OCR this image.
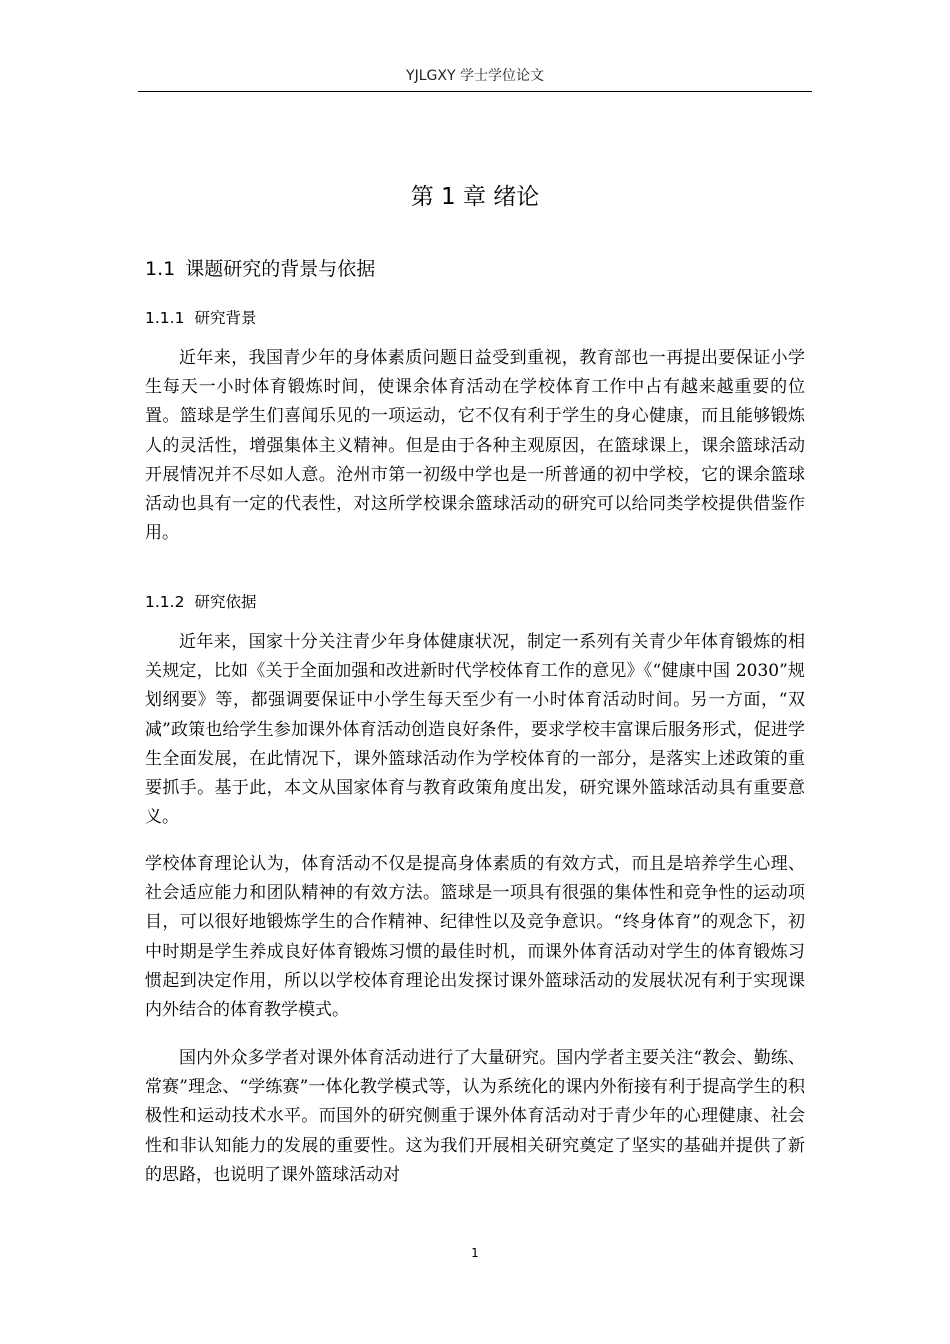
YJLGXY 学士学位论文
第 1 章 绪论
1.1 课题研究的背景与依据
1.1.1 研究背景

近年来，我国青少年的身体素质问题日益受到重视，教育部也一再提出要保证小学生每天一小时体育锻炼时间，使课余体育活动在学校体育工作中占有越来越重要的位置。篮球是学生们喜闻乐见的一项运动，它不仅有利于学生的身心健康，而且能够锻炼人的灵活性，增强集体主义精神。但是由于各种主观原因，在篮球课上，课余篮球活动开展情况并不尽如人意。沧州市第一初级中学也是一所普通的初中学校，它的课余篮球活动也具有一定的代表性，对这所学校课余篮球活动的研究可以给同类学校提供借鉴作用。

1.1.2 研究依据

近年来，国家十分关注青少年身体健康状况，制定一系列有关青少年体育锻炼的相关规定，比如《关于全面加强和改进新时代学校体育工作的意见》《“健康中国 2030”规划纲要》等，都强调要保证中小学生每天至少有一小时体育活动时间。另一方面，“双减”政策也给学生参加课外体育活动创造良好条件，要求学校丰富课后服务形式，促进学生全面发展，在此情况下，课外篮球活动作为学校体育的一部分，是落实上述政策的重要抓手。基于此，本文从国家体育与教育政策角度出发，研究课外篮球活动具有重要意义。

学校体育理论认为，体育活动不仅是提高身体素质的有效方式，而且是培养学生心理、社会适应能力和团队精神的有效方法。篮球是一项具有很强的集体性和竞争性的运动项目，可以很好地锻炼学生的合作精神、纪律性以及竞争意识。“终身体育”的观念下，初中时期是学生养成良好体育锻炼习惯的最佳时机，而课外体育活动对学生的体育锻炼习惯起到决定作用，所以以学校体育理论出发探讨课外篮球活动的发展状况有利于实现课内外结合的体育教学模式。

国内外众多学者对课外体育活动进行了大量研究。国内学者主要关注“教会、勤练、常赛”理念、“学练赛”一体化教学模式等，认为系统化的课内外衔接有利于提高学生的积极性和运动技术水平。而国外的研究侧重于课外体育活动对于青少年的心理健康、社会性和非认知能力的发展的重要性。这为我们开展相关研究奠定了坚实的基础并提供了新的思路，也说明了课外篮球活动对

1
